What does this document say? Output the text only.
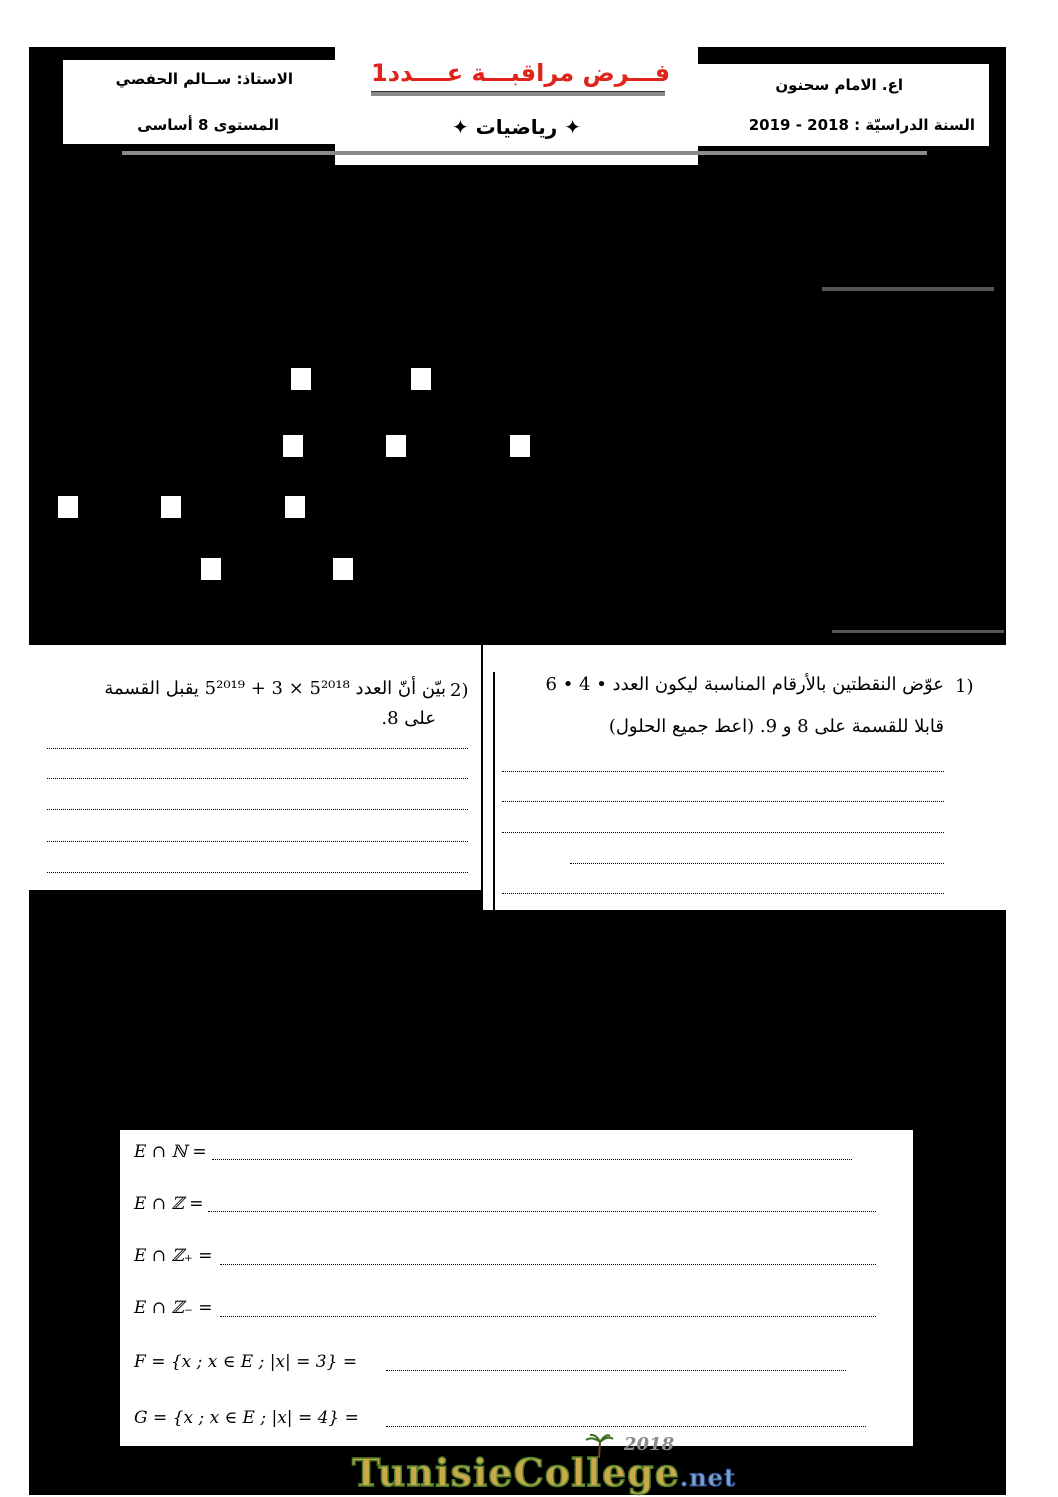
الاستاذ: ســالم الحفصي
المستوى 8 أساسى
فـــرض مراقبـــة عــــدد1
✦ رياضيات ✦
اع. الامام سحنون
السنة الدراسيّة : 2018 - 2019
1)
عوّض النقطتين بالأرقام المناسبة ليكون العدد • 4 • 6
قابلا للقسمة على 8 و 9. (اعط جميع الحلول)
2)
بيّن أنّ العدد 5²⁰¹⁸ × 3 + 5²⁰¹⁹ يقبل القسمة
على 8.
E ∩ ℕ =
E ∩ ℤ =
E ∩ ℤ₊ =
E ∩ ℤ₋ =
F = {x ; x ∈ E ; |x| = 3} =
G = {x ; x ∈ E ; |x| = 4} =
2018
TunisieCollege.net
